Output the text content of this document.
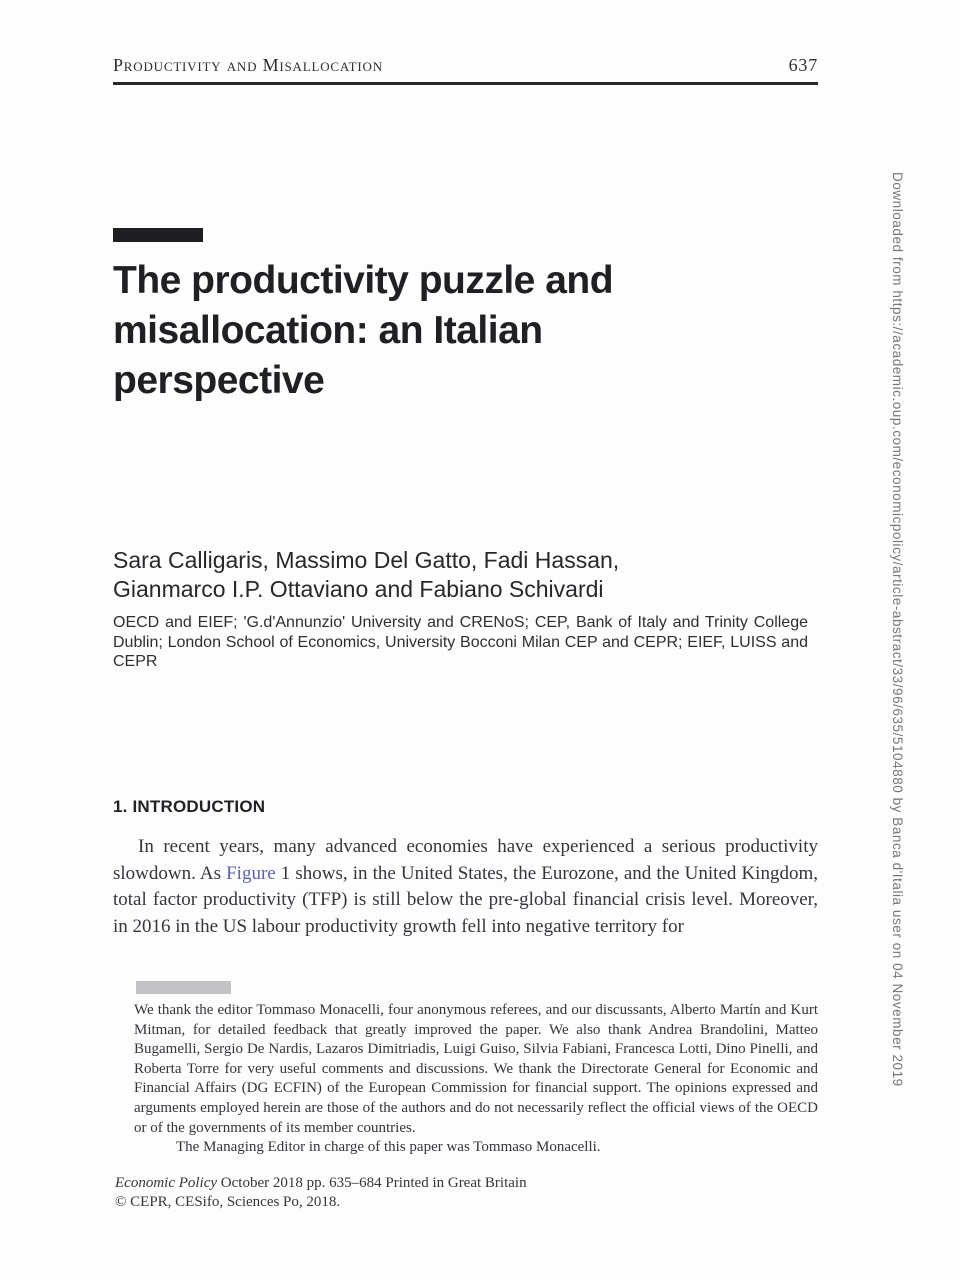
Productivity and Misallocation	637
The productivity puzzle and misallocation: an Italian perspective
Sara Calligaris, Massimo Del Gatto, Fadi Hassan,
Gianmarco I.P. Ottaviano and Fabiano Schivardi
OECD and EIEF; 'G.d'Annunzio' University and CRENoS; CEP, Bank of Italy and Trinity College Dublin; London School of Economics, University Bocconi Milan CEP and CEPR; EIEF, LUISS and CEPR
1. INTRODUCTION

In recent years, many advanced economies have experienced a serious productivity slowdown. As Figure 1 shows, in the United States, the Eurozone, and the United Kingdom, total factor productivity (TFP) is still below the pre-global financial crisis level. Moreover, in 2016 in the US labour productivity growth fell into negative territory for

We thank the editor Tommaso Monacelli, four anonymous referees, and our discussants, Alberto Martín and Kurt Mitman, for detailed feedback that greatly improved the paper. We also thank Andrea Brandolini, Matteo Bugamelli, Sergio De Nardis, Lazaros Dimitriadis, Luigi Guiso, Silvia Fabiani, Francesca Lotti, Dino Pinelli, and Roberta Torre for very useful comments and discussions. We thank the Directorate General for Economic and Financial Affairs (DG ECFIN) of the European Commission for financial support. The opinions expressed and arguments employed herein are those of the authors and do not necessarily reflect the official views of the OECD or of the governments of its member countries.

The Managing Editor in charge of this paper was Tommaso Monacelli.

Economic Policy October 2018 pp. 635–684 Printed in Great Britain
© CEPR, CESifo, Sciences Po, 2018.
Downloaded from https://academic.oup.com/economicpolicy/article-abstract/33/96/635/5104880 by Banca d'Italia user on 04 November 2019
